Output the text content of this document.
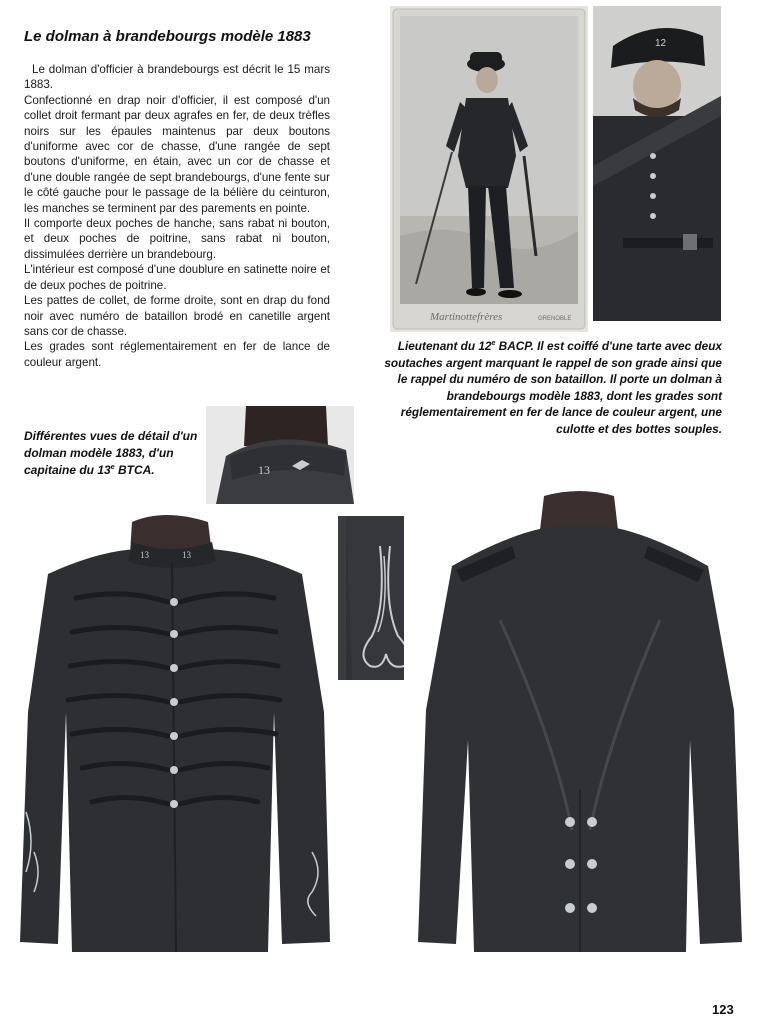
Le dolman à brandebourgs modèle 1883

Le dolman d'officier à brandebourgs est décrit le 15 mars 1883.

Confectionné en drap noir d'officier, il est composé d'un collet droit fermant par deux agrafes en fer, de deux trèfles noirs sur les épaules maintenus par deux boutons d'uniforme avec cor de chasse, d'une rangée de sept boutons d'uniforme, en étain, avec un cor de chasse et d'une double rangée de sept brandebourgs, d'une fente sur le côté gauche pour le passage de la bélière du ceinturon, les manches se terminent par des parements en pointe.

Il comporte deux poches de hanche, sans rabat ni bouton, et deux poches de poitrine, sans rabat ni bouton, dissimulées derrière un brandebourg.

L'intérieur est composé d'une doublure en satinette noire et de deux poches de poitrine.

Les pattes de collet, de forme droite, sont en drap du fond noir avec numéro de bataillon brodé en canetille argent sans cor de chasse.

Les grades sont réglementairement en fer de lance de couleur argent.

Martinottefrères	GRENOBLE
12
Lieutenant du 12e BACP. Il est coiffé d'une tarte avec deux soutaches argent marquant le rappel de son grade ainsi que le rappel du numéro de son bataillon. Il porte un dolman à brandebourgs modèle 1883, dont les grades sont réglementairement en fer de lance de couleur argent, une culotte et des bottes souples.
Différentes vues de détail d'un dolman modèle 1883, d'un capitaine du 13e BTCA.	13
13	13
123
